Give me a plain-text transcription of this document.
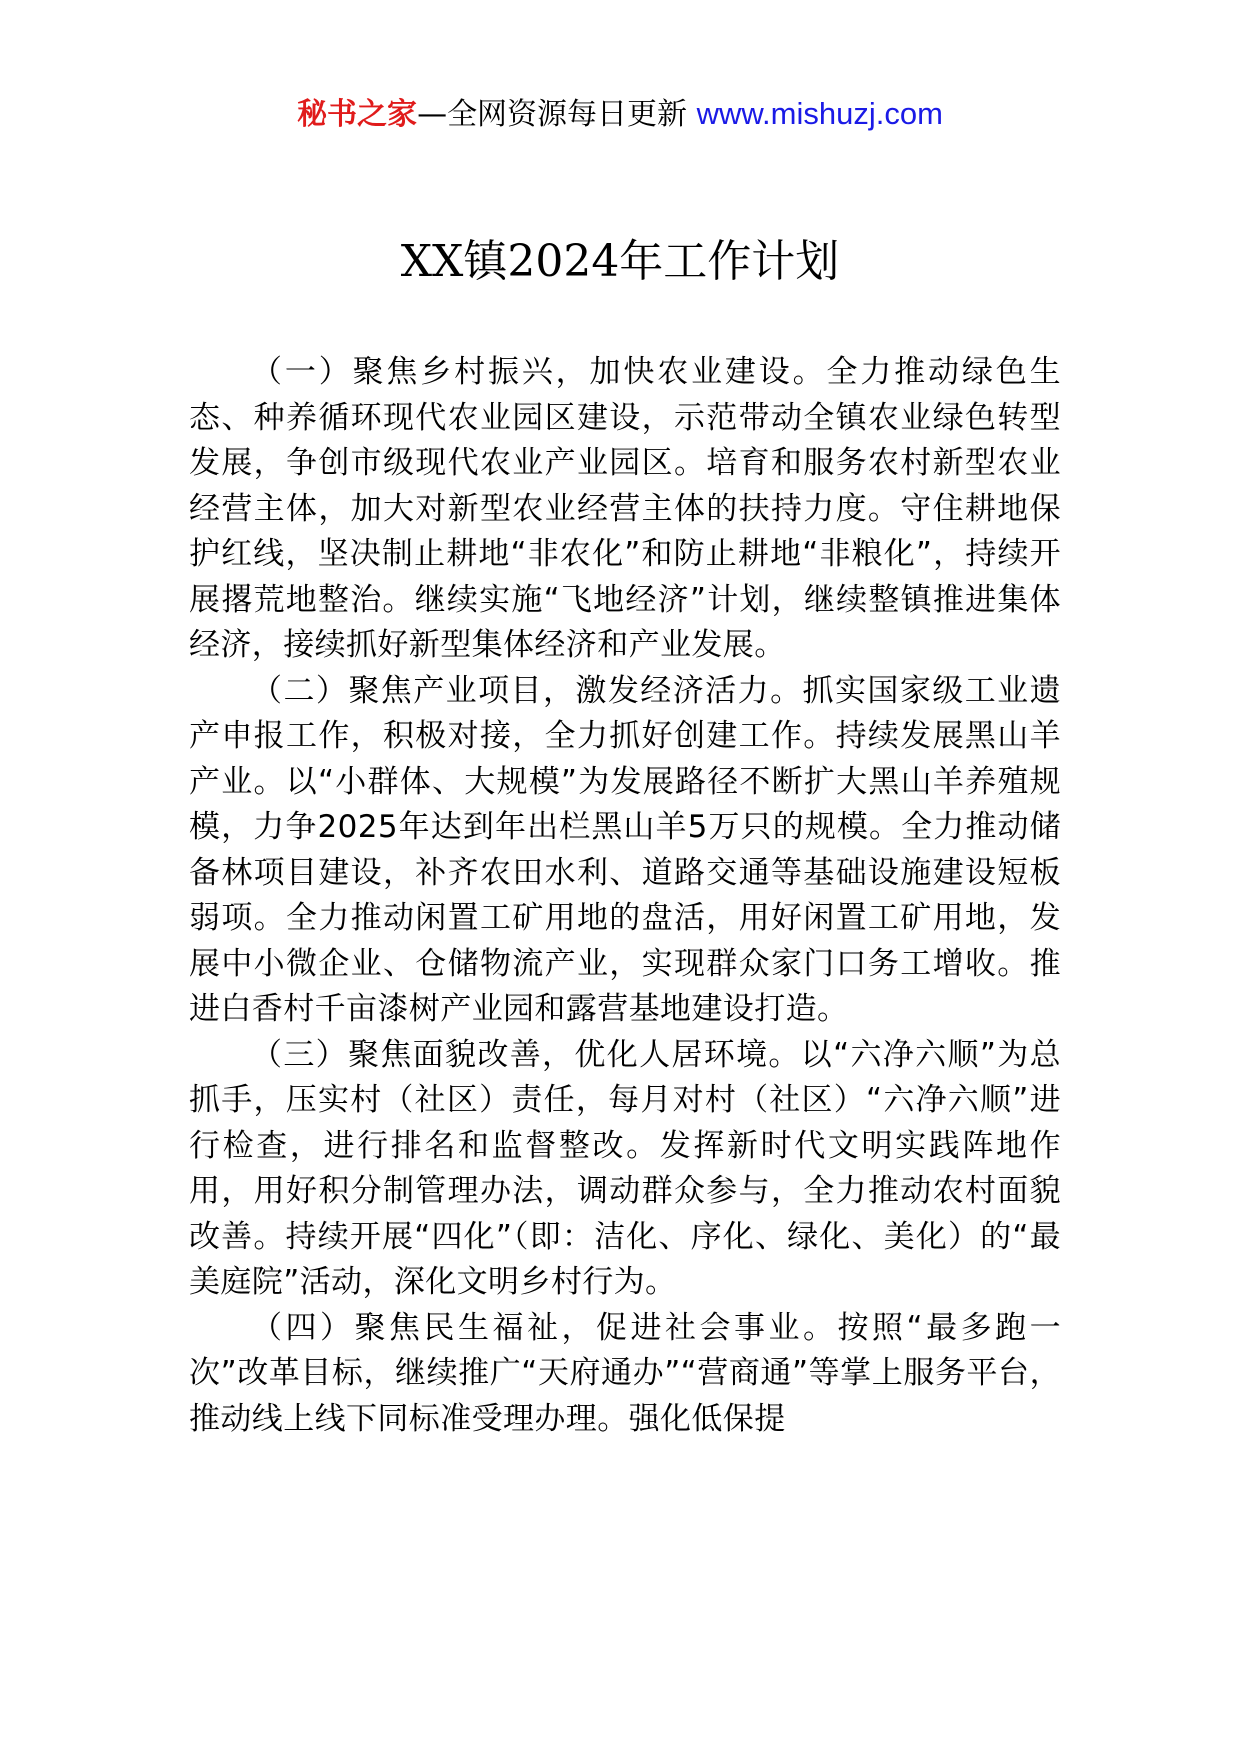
秘书之家—全网资源每日更新 www.mishuzj.com
XX镇2024年工作计划

（一）聚焦乡村振兴，加快农业建设。全力推动绿色生态、种养循环现代农业园区建设，示范带动全镇农业绿色转型发展，争创市级现代农业产业园区。培育和服务农村新型农业经营主体，加大对新型农业经营主体的扶持力度。守住耕地保护红线，坚决制止耕地“非农化”和防止耕地“非粮化”，持续开展撂荒地整治。继续实施“飞地经济”计划，继续整镇推进集体经济，接续抓好新型集体经济和产业发展。

（二）聚焦产业项目，激发经济活力。抓实国家级工业遗产申报工作，积极对接，全力抓好创建工作。持续发展黑山羊产业。以“小群体、大规模”为发展路径不断扩大黑山羊养殖规模，力争2025年达到年出栏黑山羊5万只的规模。全力推动储备林项目建设，补齐农田水利、道路交通等基础设施建设短板弱项。全力推动闲置工矿用地的盘活，用好闲置工矿用地，发展中小微企业、仓储物流产业，实现群众家门口务工增收。推进白香村千亩漆树产业园和露营基地建设打造。

（三）聚焦面貌改善，优化人居环境。以“六净六顺”为总抓手，压实村（社区）责任，每月对村（社区）“六净六顺”进行检查，进行排名和监督整改。发挥新时代文明实践阵地作用，用好积分制管理办法，调动群众参与，全力推动农村面貌改善。持续开展“四化”（即：洁化、序化、绿化、美化）的“最美庭院”活动，深化文明乡村行为。

（四）聚焦民生福祉，促进社会事业。按照“最多跑一次”改革目标，继续推广“天府通办”“营商通”等掌上服务平台，推动线上线下同标准受理办理。强化低保提
